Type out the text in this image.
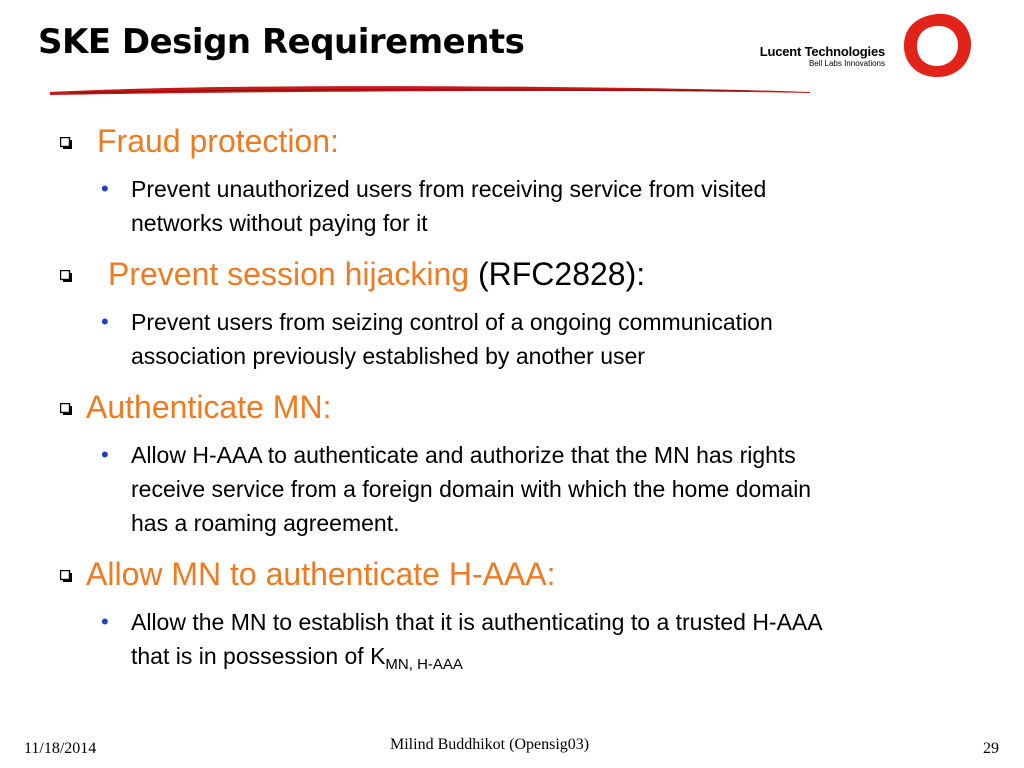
SKE Design Requirements	Lucent Technologies
Bell Labs Innovations
Fraud protection:
• Prevent unauthorized users from receiving service from visited
networks without paying for it
Prevent session hijacking (RFC2828):
• Prevent users from seizing control of a ongoing communication
association previously established by another user
Authenticate MN:
• Allow H-AAA to authenticate and authorize that the MN has rights
receive service from a foreign domain with which the home domain
has a roaming agreement.
Allow MN to authenticate H-AAA:
• Allow the MN to establish that it is authenticating to a trusted H-AAA
that is in possession of $K_{MN, H-AAA}$
11/18/2014	Milind Buddhikot (Opensig03)	29
